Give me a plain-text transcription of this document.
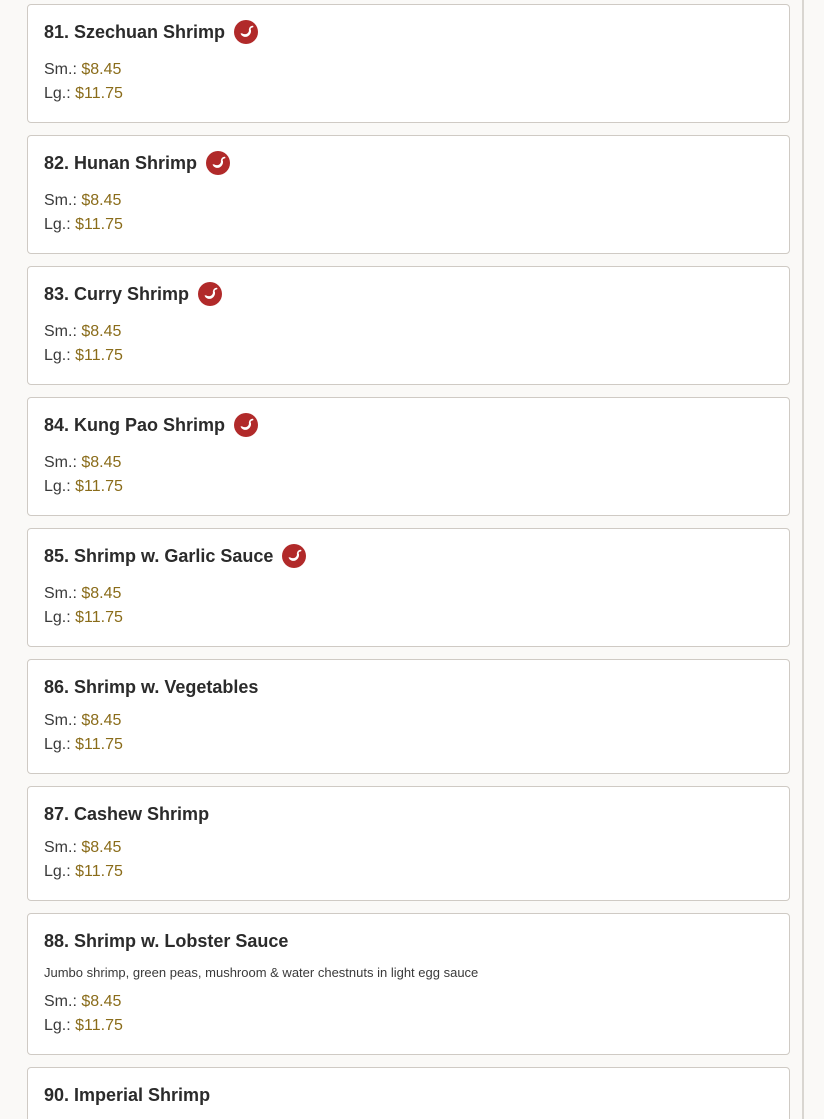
81. Szechuan Shrimp
Sm.: $8.45
Lg.: $11.75
82. Hunan Shrimp
Sm.: $8.45
Lg.: $11.75
83. Curry Shrimp
Sm.: $8.45
Lg.: $11.75
84. Kung Pao Shrimp
Sm.: $8.45
Lg.: $11.75
85. Shrimp w. Garlic Sauce
Sm.: $8.45
Lg.: $11.75
86. Shrimp w. Vegetables
Sm.: $8.45
Lg.: $11.75
87. Cashew Shrimp
Sm.: $8.45
Lg.: $11.75
88. Shrimp w. Lobster Sauce
Jumbo shrimp, green peas, mushroom & water chestnuts in light egg sauce
Sm.: $8.45
Lg.: $11.75
90. Imperial Shrimp
